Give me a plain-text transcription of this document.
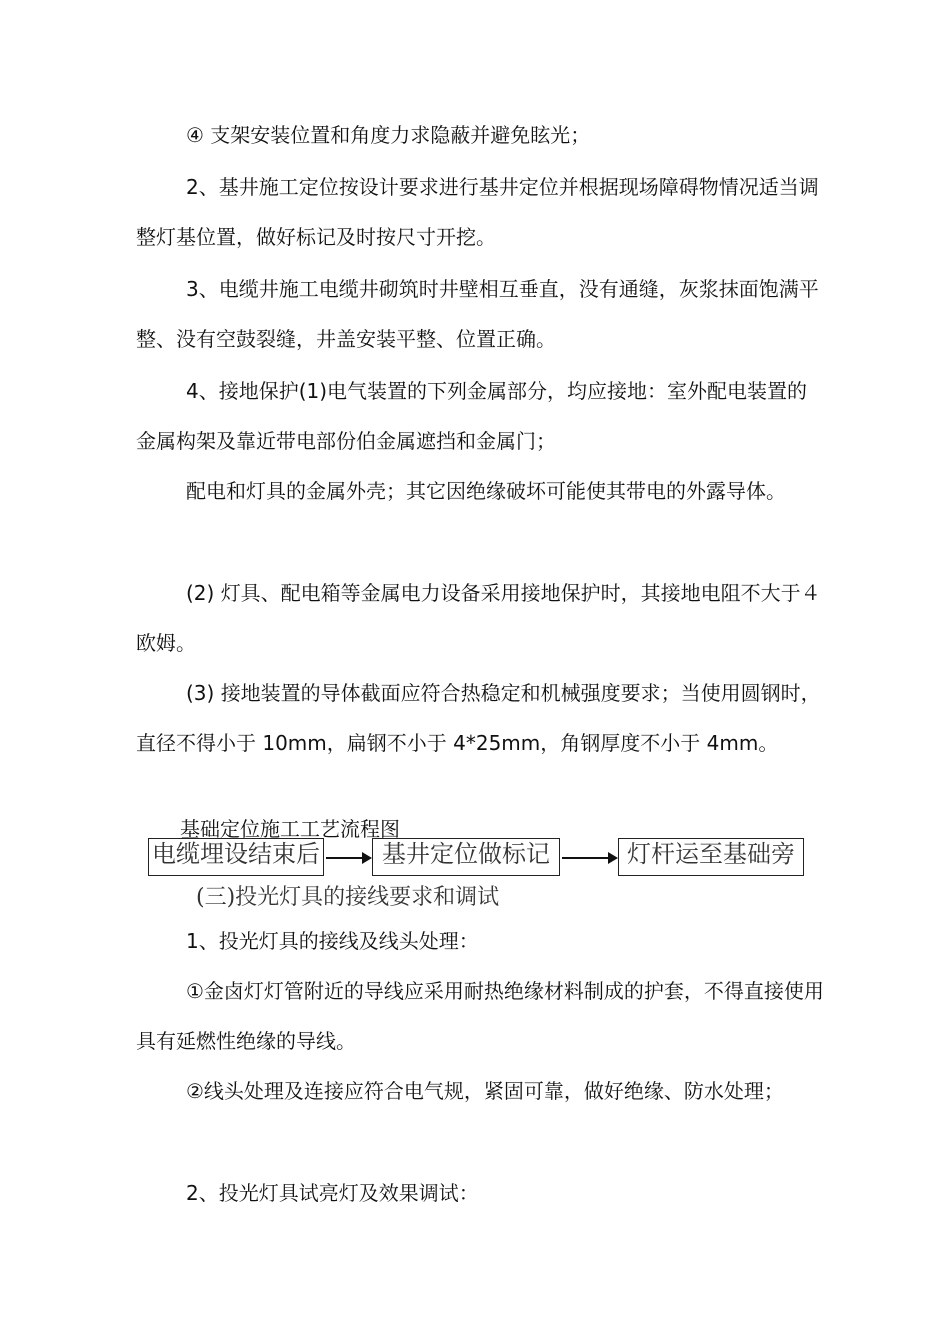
④ 支架安装位置和角度力求隐蔽并避免眩光；

2、基井施工定位按设计要求进行基井定位并根据现场障碍物情况适当调整灯基位置，做好标记及时按尺寸开挖。

3、电缆井施工电缆井砌筑时井壁相互垂直，没有通缝，灰浆抹面饱满平整、没有空鼓裂缝，井盖安装平整、位置正确。

4、接地保护(1)电气装置的下列金属部分，均应接地：室外配电装置的金属构架及靠近带电部份伯金属遮挡和金属门；

配电和灯具的金属外壳；其它因绝缘破坏可能使其带电的外露导体。

(2) 灯具、配电箱等金属电力设备采用接地保护时，其接地电阻不大于４欧姆。

(3) 接地装置的导体截面应符合热稳定和机械强度要求；当使用圆钢时，直径不得小于 10mm，扁钢不小于 4*25mm，角钢厚度不小于 4mm。

基础定位施工工艺流程图
电缆埋设结束后	基井定位做标记	灯杆运至基础旁
(三)投光灯具的接线要求和调试

1、投光灯具的接线及线头处理：

①金卤灯灯管附近的导线应采用耐热绝缘材料制成的护套，不得直接使用具有延燃性绝缘的导线。

②线头处理及连接应符合电气规，紧固可靠，做好绝缘、防水处理；

2、投光灯具试亮灯及效果调试：
